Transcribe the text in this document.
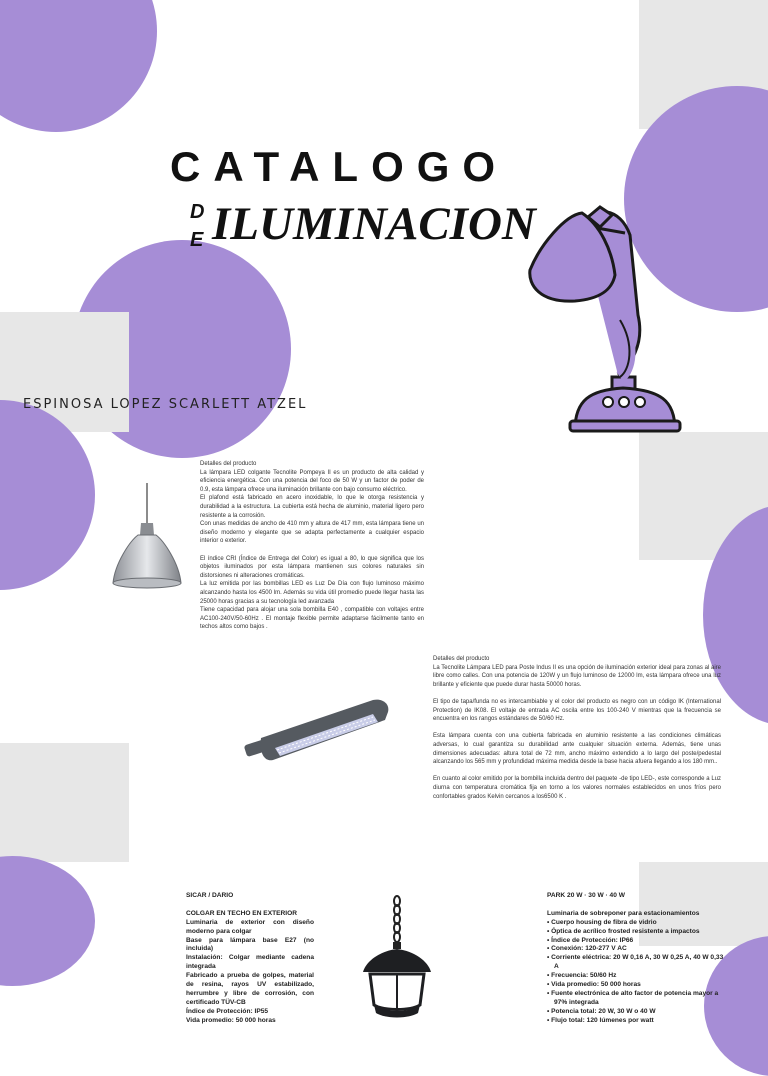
CATALOGO
D
E ILUMINACION
ESPINOSA LOPEZ SCARLETT ATZEL

Detalles del producto

La lámpara LED colgante Tecnolite Pompeya II es un producto de alta calidad y eficiencia energética. Con una potencia del foco de 50 W y un factor de poder de 0.9, esta lámpara ofrece una iluminación brillante con bajo consumo eléctrico.

El plafond está fabricado en acero inoxidable, lo que le otorga resistencia y durabilidad a la estructura. La cubierta está hecha de aluminio, material ligero pero resistente a la corrosión.

Con unas medidas de ancho de 410 mm y altura de 417 mm, esta lámpara tiene un diseño moderno y elegante que se adapta perfectamente a cualquier espacio interior o exterior.

El índice CRI (Índice de Entrega del Color) es igual a 80, lo que significa que los objetos iluminados por esta lámpara mantienen sus colores naturales sin distorsiones ni alteraciones cromáticas.

La luz emitida por las bombillas LED es Luz De Día con flujo luminoso máximo alcanzando hasta los 4500 lm. Además su vida útil promedio puede llegar hasta las 25000 horas gracias a su tecnología led avanzada

Tiene capacidad para alojar una sola bombilla E40 , compatible con voltajes entre AC100-240V/50-60Hz . El montaje flexible permite adaptarse fácilmente tanto en techos altos como bajos .

Detalles del producto

La Tecnolite Lámpara LED para Poste Indus II es una opción de iluminación exterior ideal para zonas al aire libre como calles. Con una potencia de 120W y un flujo luminoso de 12000 lm, esta lámpara ofrece una luz brillante y eficiente que puede durar hasta 50000 horas.

El tipo de tapa/funda no es intercambiable y el color del producto es negro con un código IK (International Protection) de IK08. El voltaje de entrada AC oscila entre los 100-240 V mientras que la frecuencia se encuentra en los rangos estándares de 50/60 Hz.

Esta lámpara cuenta con una cubierta fabricada en aluminio resistente a las condiciones climáticas adversas, lo cual garantiza su durabilidad ante cualquier situación externa. Además, tiene unas dimensiones adecuadas: altura total de 72 mm, ancho máximo extendido a lo largo del poste/pedestal alcanzando los 565 mm y profundidad máxima medida desde la base hacia afuera llegando a los 180 mm..

En cuanto al color emitido por la bombilla incluida dentro del paquete -de tipo LED-, este corresponde a Luz diurna con temperatura cromática fija en torno a los valores normales establecidos en unos fríos pero confortables grados Kelvin cercanos a los6500 K .

SICAR / DARIO

COLGAR EN TECHO EN EXTERIOR

Luminaria de exterior con diseño moderno para colgar

Base para lámpara base E27 (no incluida)

Instalación: Colgar mediante cadena integrada

Fabricado a prueba de golpes, material de resina, rayos UV estabilizado, herrumbre y libre de corrosión, con certificado TÜV-CB

Índice de Protección: IP55

Vida promedio: 50 000 horas

PARK 20 W · 30 W · 40 W

Luminaria de sobreponer para estacionamientos

• Cuerpo housing de fibra de vidrio

• Óptica de acrílico frosted resistente a impactos

• Índice de Protección: IP66

• Conexión: 120-277 V AC

• Corriente eléctrica: 20 W 0,16 A, 30 W 0,25 A, 40 W 0,33 A

• Frecuencia: 50/60 Hz

• Vida promedio: 50 000 horas

• Fuente electrónica de alto factor de potencia mayor a 97% integrada

• Potencia total: 20 W, 30 W o 40 W

• Flujo total: 120 lúmenes por watt
